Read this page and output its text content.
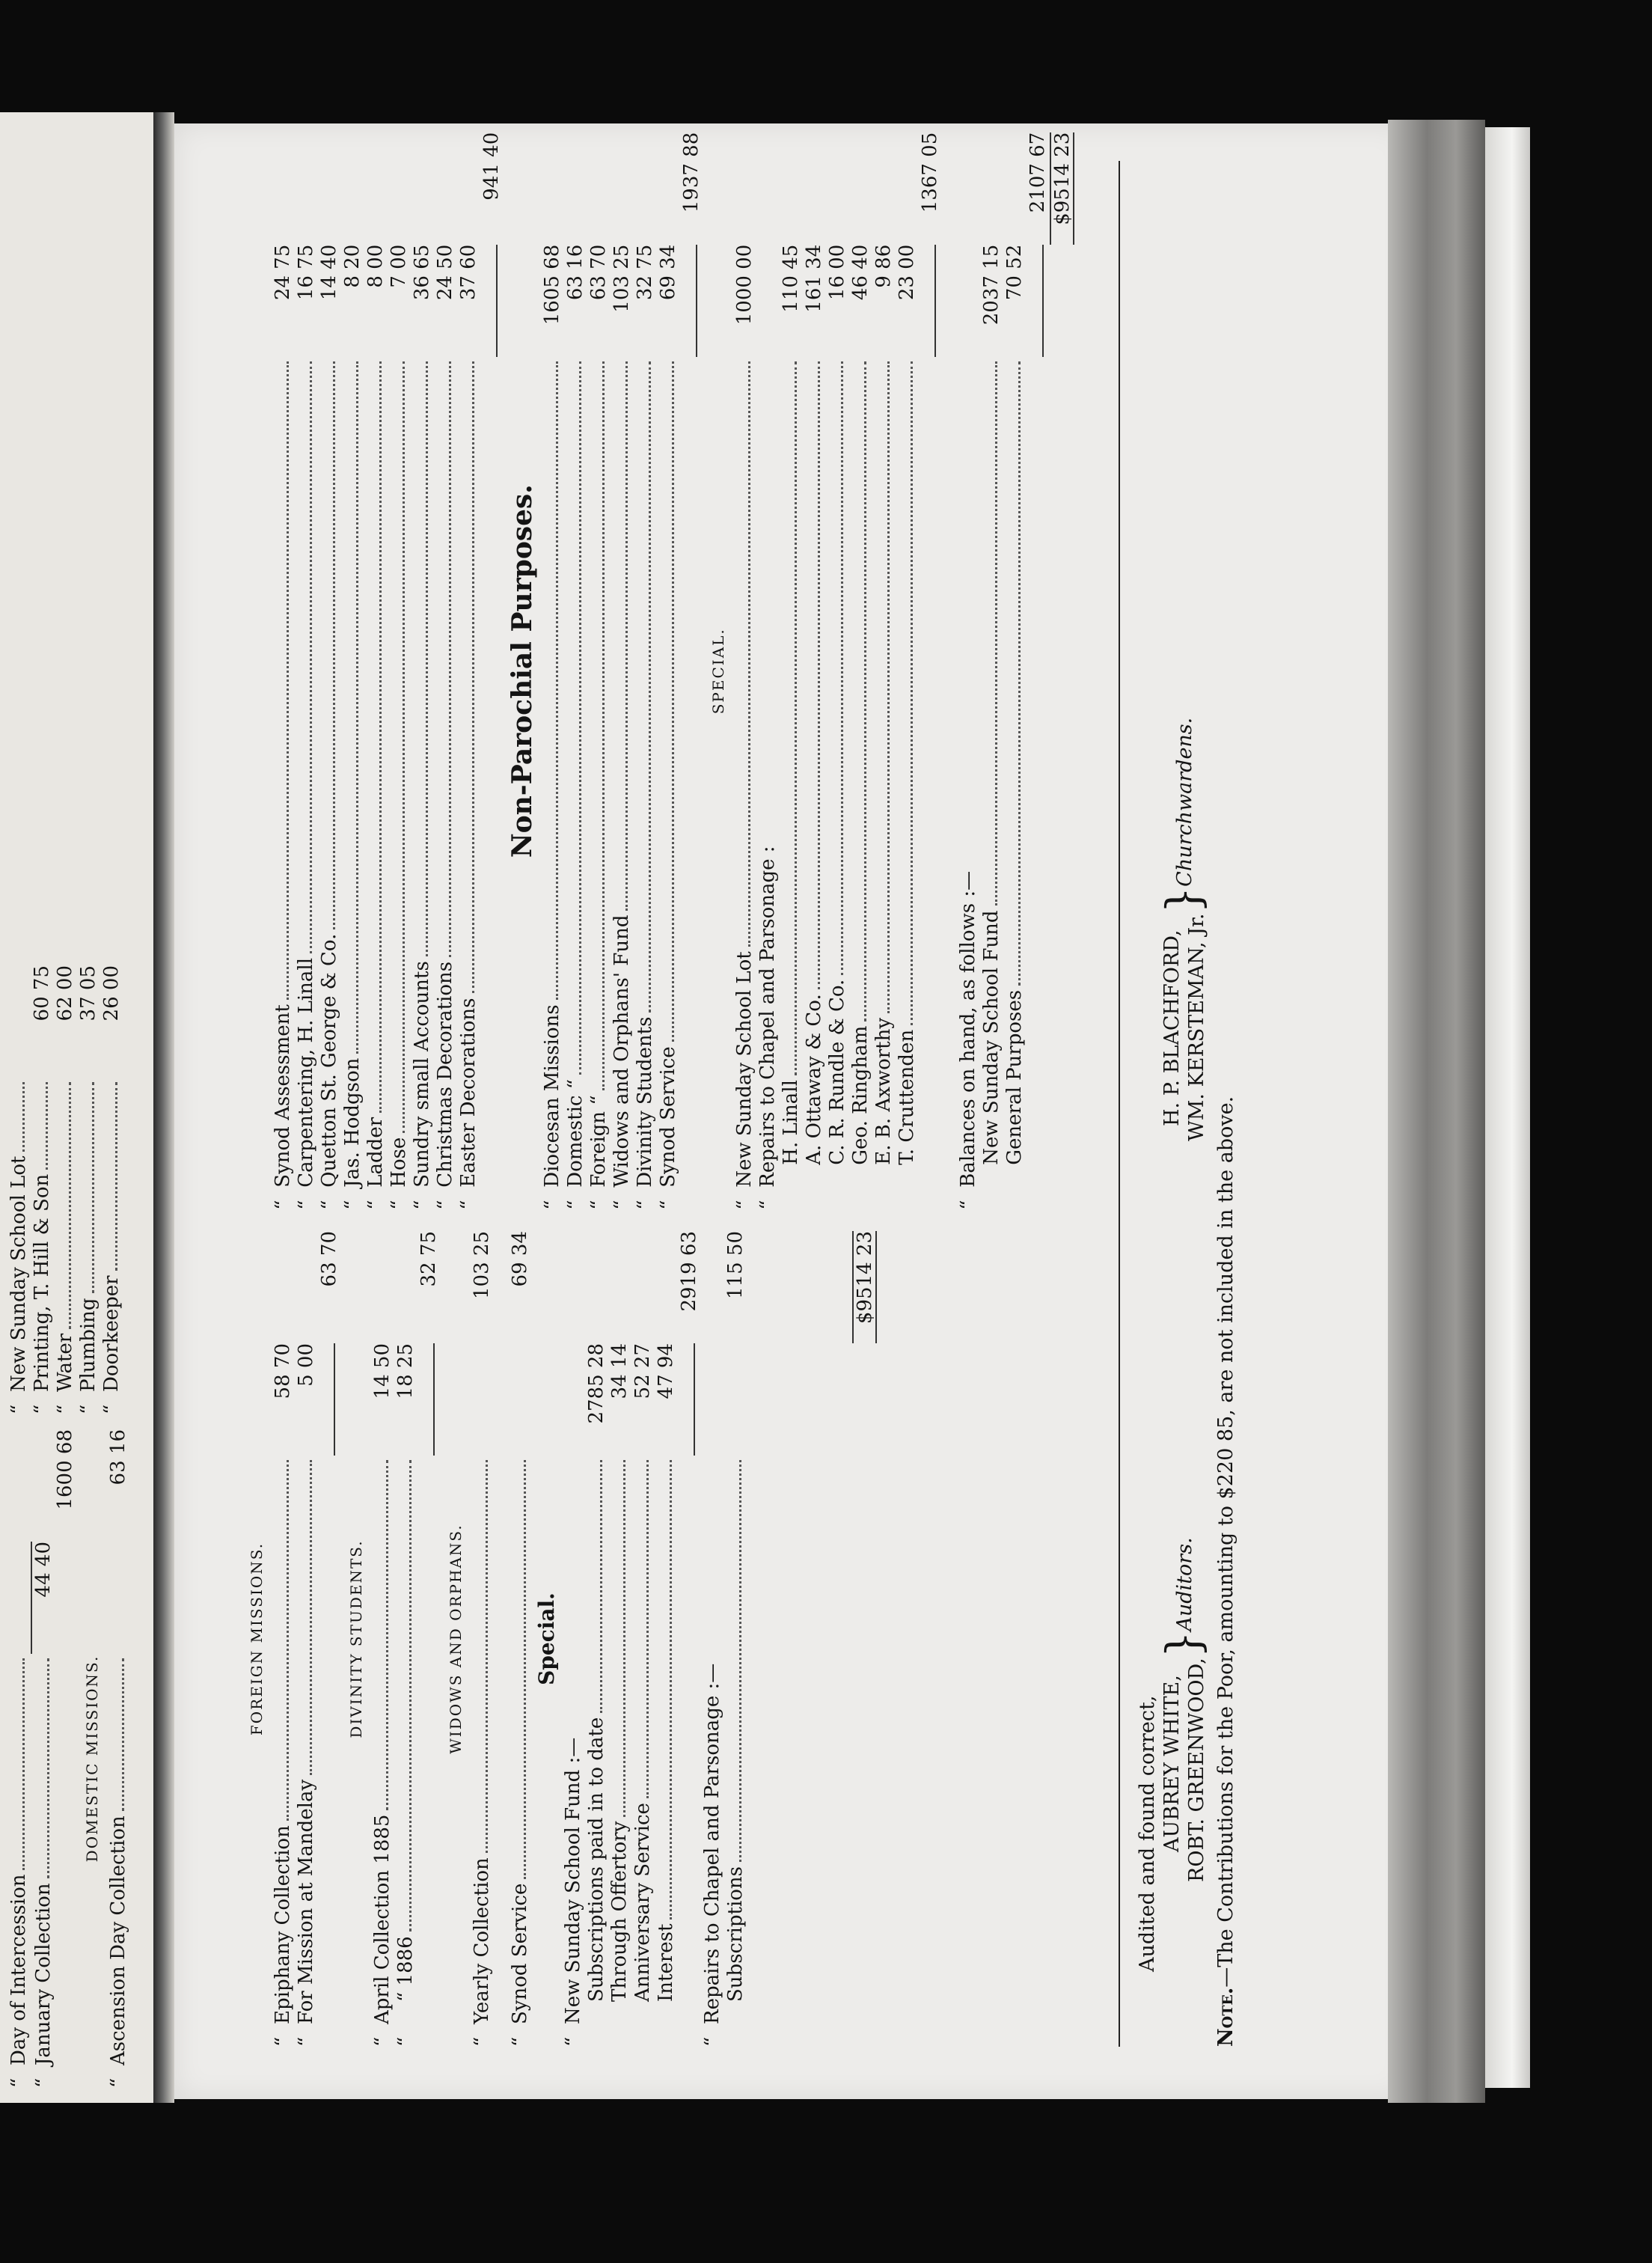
“
Day of Intercession
“
January Collection
44 40
1600 68
DOMESTIC MISSIONS.
“
Ascension Day Collection
63 16
“
New Sunday School Lot
“
Printing, T. Hill & Son
60 75
“
Water
62 00
“
Plumbing
37 05
“
Doorkeeper
26 00
FOREIGN MISSIONS.
“
Epiphany Collection
58 70
“
For Mission at Mandelay
5 00
63 70
DIVINITY STUDENTS.
“
April Collection 1885
14 50
“
“ 1886
18 25
32 75
WIDOWS AND ORPHANS.
“
Yearly Collection
103 25
“
Synod Service
69 34
Special.
“
New Sunday School Fund :— Subscriptions paid in to date
2785 28
Through Offertory
34 14
Anniversary Service
52 27
Interest
47 94
2919 63
“
Repairs to Chapel and Parsonage :— Subscriptions
115 50	$9514 23

“
Synod Assessment
24 75
“
Carpentering, H. Linall
16 75
“
Quetton St. George & Co.
14 40
“
Jas. Hodgson
8 20
“
Ladder
8 00
“
Hose
7 00
“
Sundry small Accounts
36 65
“
Christmas Decorations
24 50
“
Easter Decorations
37 60
941 40
Non-Parochial Purposes.
“
Diocesan Missions
1605 68
“
Domestic “
63 16
“
Foreign “
63 70
“
Widows and Orphans' Fund
103 25
“
Divinity Students
32 75
“
Synod Service
69 34
1937 88
SPECIAL.
“
New Sunday School Lot
1000 00
“
Repairs to Chapel and Parsonage : H. Linall
110 45
A. Ottaway & Co.
161 34
C. R. Rundle & Co.
16 00
Geo. Ringham
46 40
E. B. Axworthy
9 86
T. Cruttenden
23 00
1367 05
“
Balances on hand, as follows :— New Sunday School Fund
2037 15
General Purposes
70 52
2107 67 $9514 23
Audited and found correct, AUBREY WHITE, ROBT. GREENWOOD,
}
Auditors.
H. P. BLACHFORD, WM. KERSTEMAN, Jr.
}
Churchwardens.
Note.—The Contributions for the Poor, amounting to $220 85, are not included in the above.
